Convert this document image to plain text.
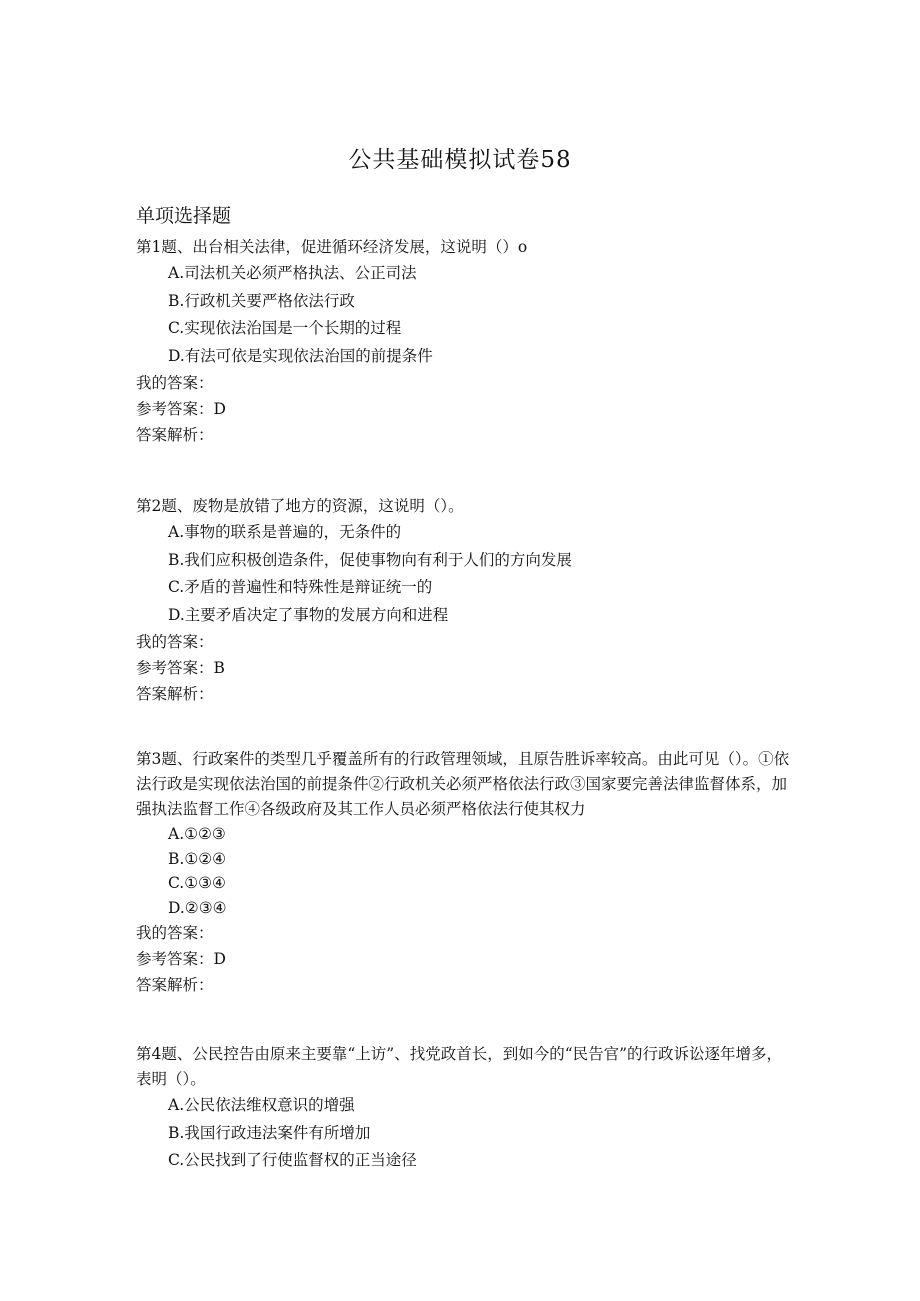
公共基础模拟试卷58
单项选择题

第1题、出台相关法律，促进循环经济发展，这说明（）o

A.司法机关必须严格执法、公正司法
B.行政机关要严格依法行政
C.实现依法治国是一个长期的过程
D.有法可依是实现依法治国的前提条件
我的答案：
参考答案：D
答案解析：

第2题、废物是放错了地方的资源，这说明（）。

A.事物的联系是普遍的，无条件的
B.我们应积极创造条件，促使事物向有利于人们的方向发展
C.矛盾的普遍性和特殊性是辩证统一的
D.主要矛盾决定了事物的发展方向和进程
我的答案：
参考答案：B
答案解析：

第3题、行政案件的类型几乎覆盖所有的行政管理领域，且原告胜诉率较高。由此可见（）。①依法行政是实现依法治国的前提条件②行政机关必须严格依法行政③国家要完善法律监督体系，加强执法监督工作④各级政府及其工作人员必须严格依法行使其权力

A.①②③
B.①②④
C.①③④
D.②③④
我的答案：
参考答案：D
答案解析：

第4题、公民控告由原来主要靠“上访”、找党政首长，到如今的“民告官”的行政诉讼逐年增多，表明（）。

A.公民依法维权意识的增强
B.我国行政违法案件有所增加
C.公民找到了行使监督权的正当途径
